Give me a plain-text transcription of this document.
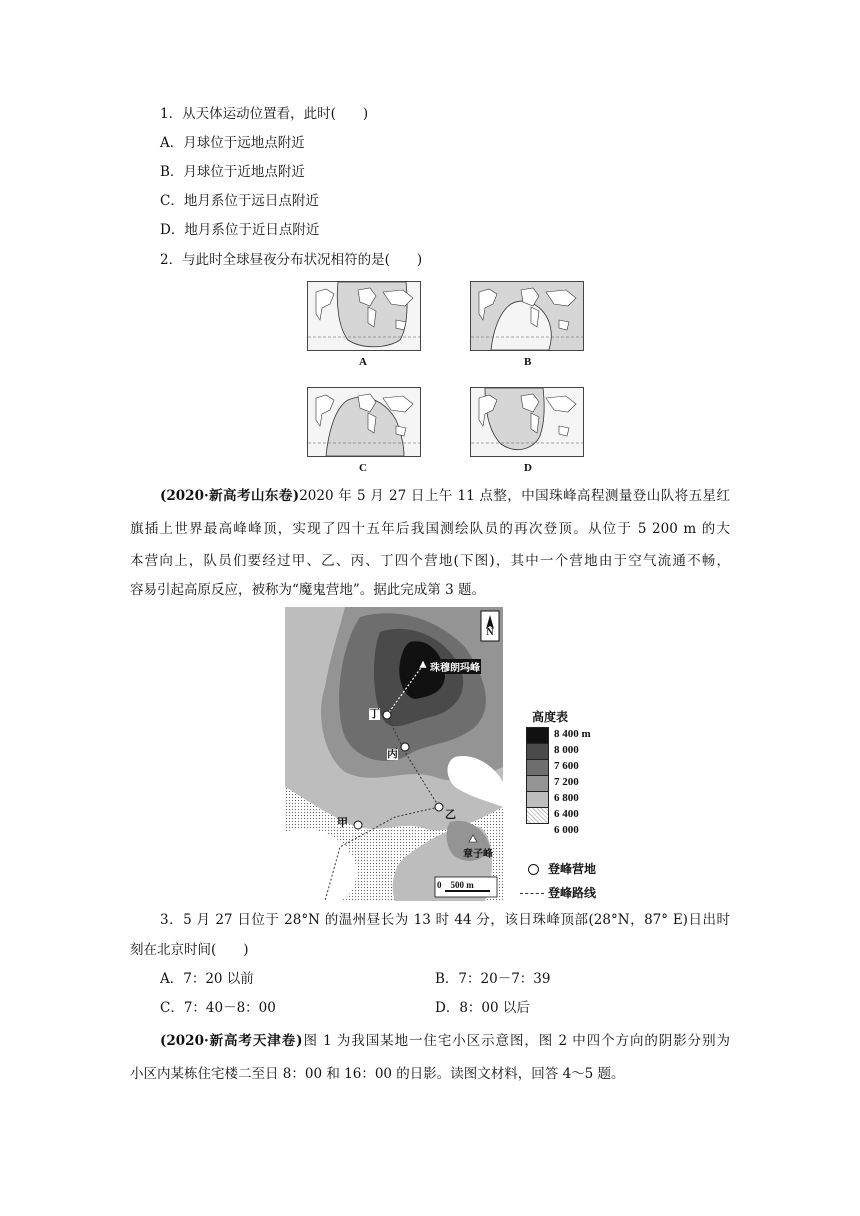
1．从天体运动位置看，此时(　　)
A．月球位于远地点附近
B．月球位于近地点附近
C．地月系位于远日点附近
D．地月系位于近日点附近
2．与此时全球昼夜分布状况相符的是(　　)
A	B
C	D
(2020·新高考山东卷)2020 年 5 月 27 日上午 11 点整，中国珠峰高程测量登山队将五星红
旗插上世界最高峰峰顶，实现了四十五年后我国测绘队员的再次登顶。从位于 5 200 m 的大
本营向上，队员们要经过甲、乙、丙、丁四个营地(下图)，其中一个营地由于空气流通不畅，
容易引起高原反应，被称为“魔鬼营地”。据此完成第 3 题。
N
珠穆朗玛峰
章子峰
丁
丙
乙
甲
0　500 m
高度表
8 400 m
8 000
7 600
7 200
6 800
6 400
6 000
登峰营地
登峰路线
3．5 月 27 日位于 28°N 的温州昼长为 13 时 44 分，该日珠峰顶部(28°N，87° E)日出时
刻在北京时间(　　)
A．7：20 以前	B．7：20－7：39
C．7：40－8：00	D．8：00 以后
(2020·新高考天津卷)图 1 为我国某地一住宅小区示意图，图 2 中四个方向的阴影分别为
小区内某栋住宅楼二至日 8：00 和 16：00 的日影。读图文材料，回答 4～5 题。
